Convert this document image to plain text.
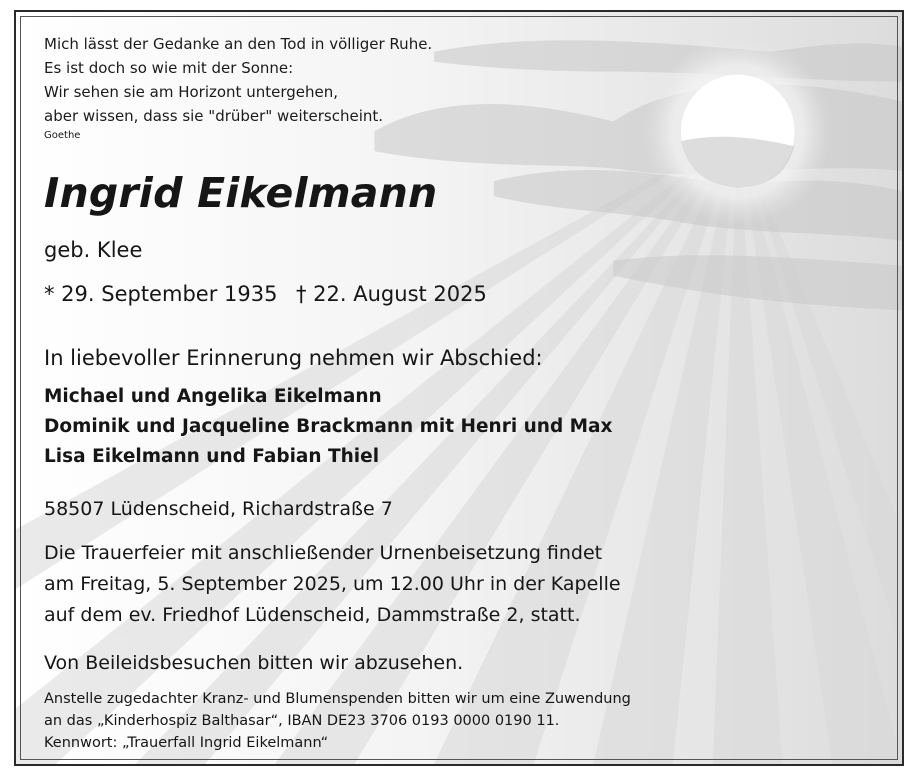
Mich lässt der Gedanke an den Tod in völliger Ruhe.
Es ist doch so wie mit der Sonne:
Wir sehen sie am Horizont untergehen,
aber wissen, dass sie "drüber" weiterscheint.
Goethe
Ingrid Eikelmann
geb. Klee
* 29. September 1935 † 22. August 2025
In liebevoller Erinnerung nehmen wir Abschied:
Michael und Angelika Eikelmann
Dominik und Jacqueline Brackmann mit Henri und Max
Lisa Eikelmann und Fabian Thiel
58507 Lüdenscheid, Richardstraße 7
Die Trauerfeier mit anschließender Urnenbeisetzung findet
am Freitag, 5. September 2025, um 12.00 Uhr in der Kapelle
auf dem ev. Friedhof Lüdenscheid, Dammstraße 2, statt.
Von Beileidsbesuchen bitten wir abzusehen.
Anstelle zugedachter Kranz- und Blumenspenden bitten wir um eine Zuwendung
an das „Kinderhospiz Balthasar“, IBAN DE23 3706 0193 0000 0190 11.
Kennwort: „Trauerfall Ingrid Eikelmann“
